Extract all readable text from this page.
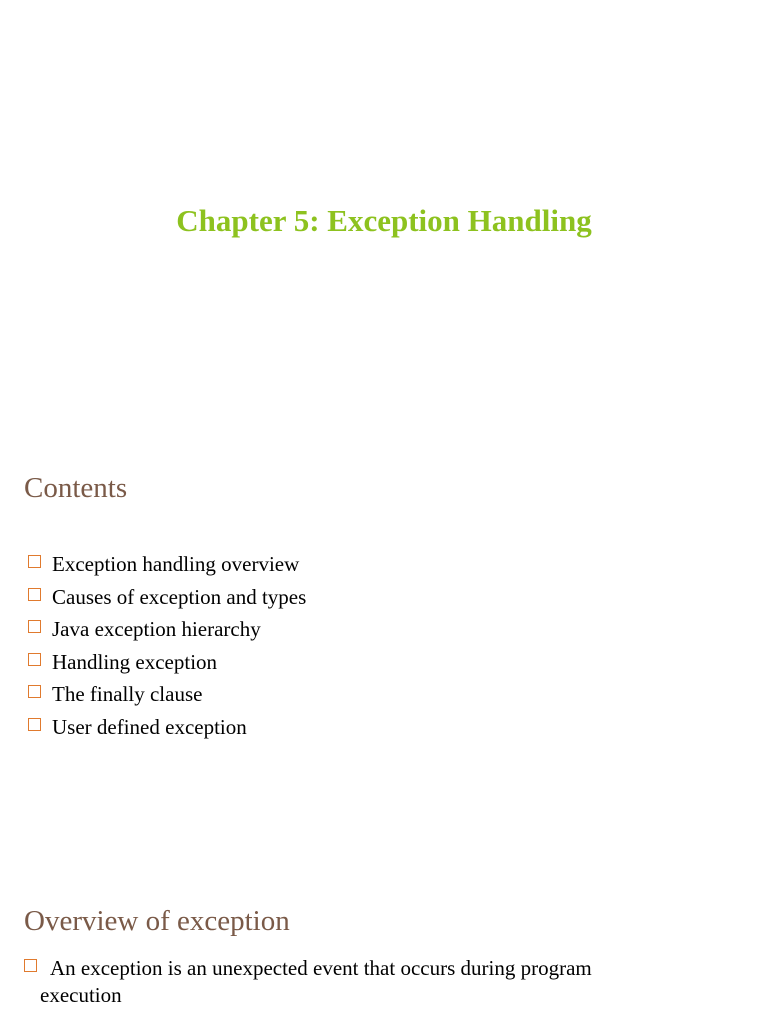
Chapter 5: Exception Handling
Contents
Exception handling overview
Causes of exception and types
Java exception hierarchy
Handling exception
The finally clause
User defined exception
Overview of exception
An exception is an unexpected event that occurs during program
execution
